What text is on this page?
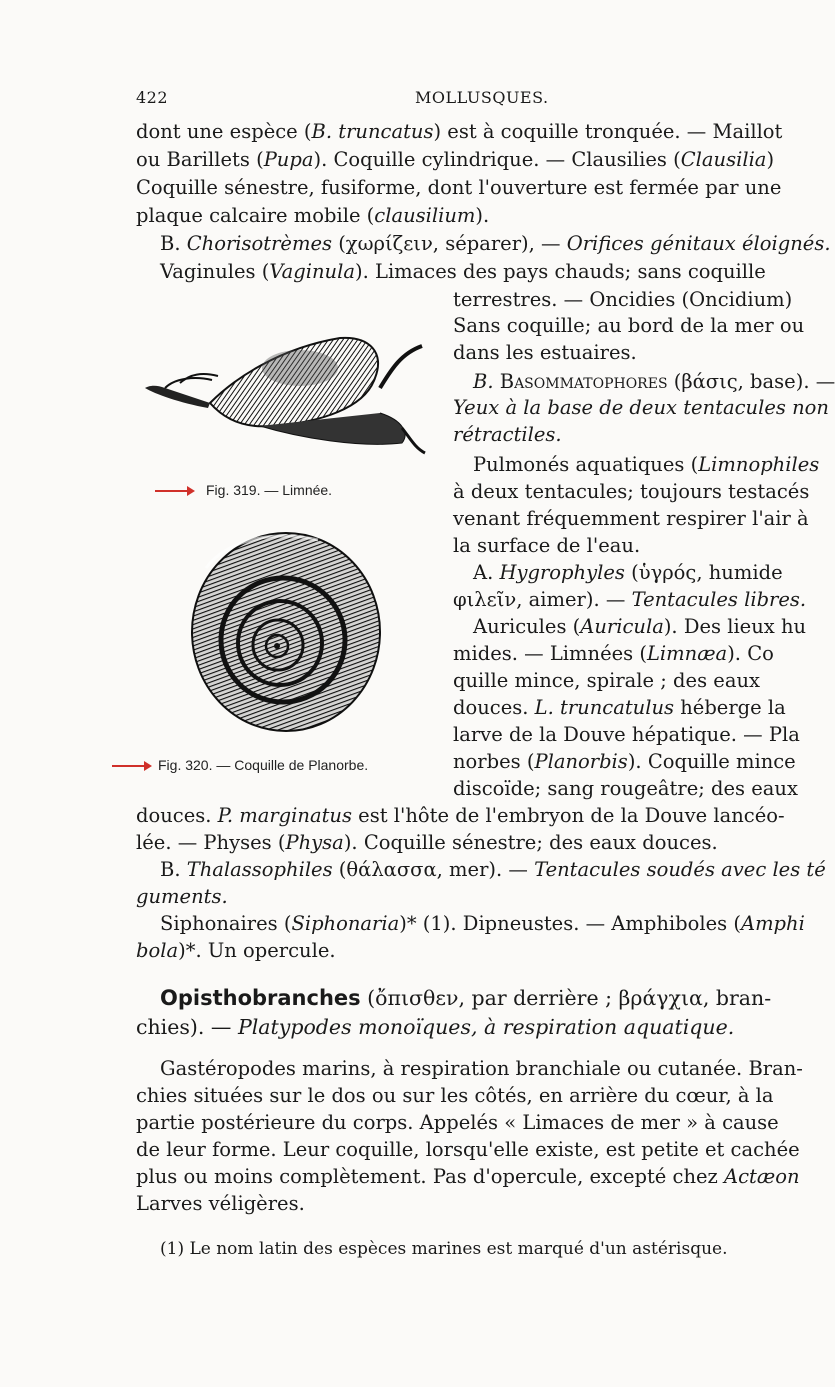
422	MOLLUSQUES.
dont une espèce (B. truncatus) est à coquille tronquée. — Maillot
ou Barillets (Pupa). Coquille cylindrique. — Clausilies (Clausilia)
Coquille sénestre, fusiforme, dont l'ouverture est fermée par une
plaque calcaire mobile (clausilium).
B. Chorisotrèmes (χωρίζειν, séparer), — Orifices génitaux éloignés.
Vaginules (Vaginula). Limaces des pays chauds; sans coquille
Fig. 319. — Limnée.
Fig. 320. — Coquille de Planorbe.
terrestres. — Oncidies (Oncidium)
Sans coquille; au bord de la mer ou
dans les estuaires.
B. Basommatophores (βάσις, base). —
Yeux à la base de deux tentacules non
rétractiles.
Pulmonés aquatiques (Limnophiles
à deux tentacules; toujours testacés
venant fréquemment respirer l'air à
la surface de l'eau.
A. Hygrophyles (ὑγρός, humide
φιλεῖν, aimer). — Tentacules libres.
Auricules (Auricula). Des lieux hu
mides. — Limnées (Limnæa). Co
quille mince, spirale ; des eaux
douces. L. truncatulus héberge la
larve de la Douve hépatique. — Pla
norbes (Planorbis). Coquille mince
discoïde; sang rougeâtre; des eaux
douces. P. marginatus est l'hôte de l'embryon de la Douve lancéo-
lée. — Physes (Physa). Coquille sénestre; des eaux douces.
B. Thalassophiles (θάλασσα, mer). — Tentacules soudés avec les té
guments.
Siphonaires (Siphonaria)* (1). Dipneustes. — Amphiboles (Amphi
bola)*. Un opercule.
Opisthobranches (ὄπισθεν, par derrière ; βράγχια, bran-
chies). — Platypodes monoïques, à respiration aquatique.
Gastéropodes marins, à respiration branchiale ou cutanée. Bran-
chies situées sur le dos ou sur les côtés, en arrière du cœur, à la
partie postérieure du corps. Appelés « Limaces de mer » à cause
de leur forme. Leur coquille, lorsqu'elle existe, est petite et cachée
plus ou moins complètement. Pas d'opercule, excepté chez Actæon
Larves véligères.
(1) Le nom latin des espèces marines est marqué d'un astérisque.
